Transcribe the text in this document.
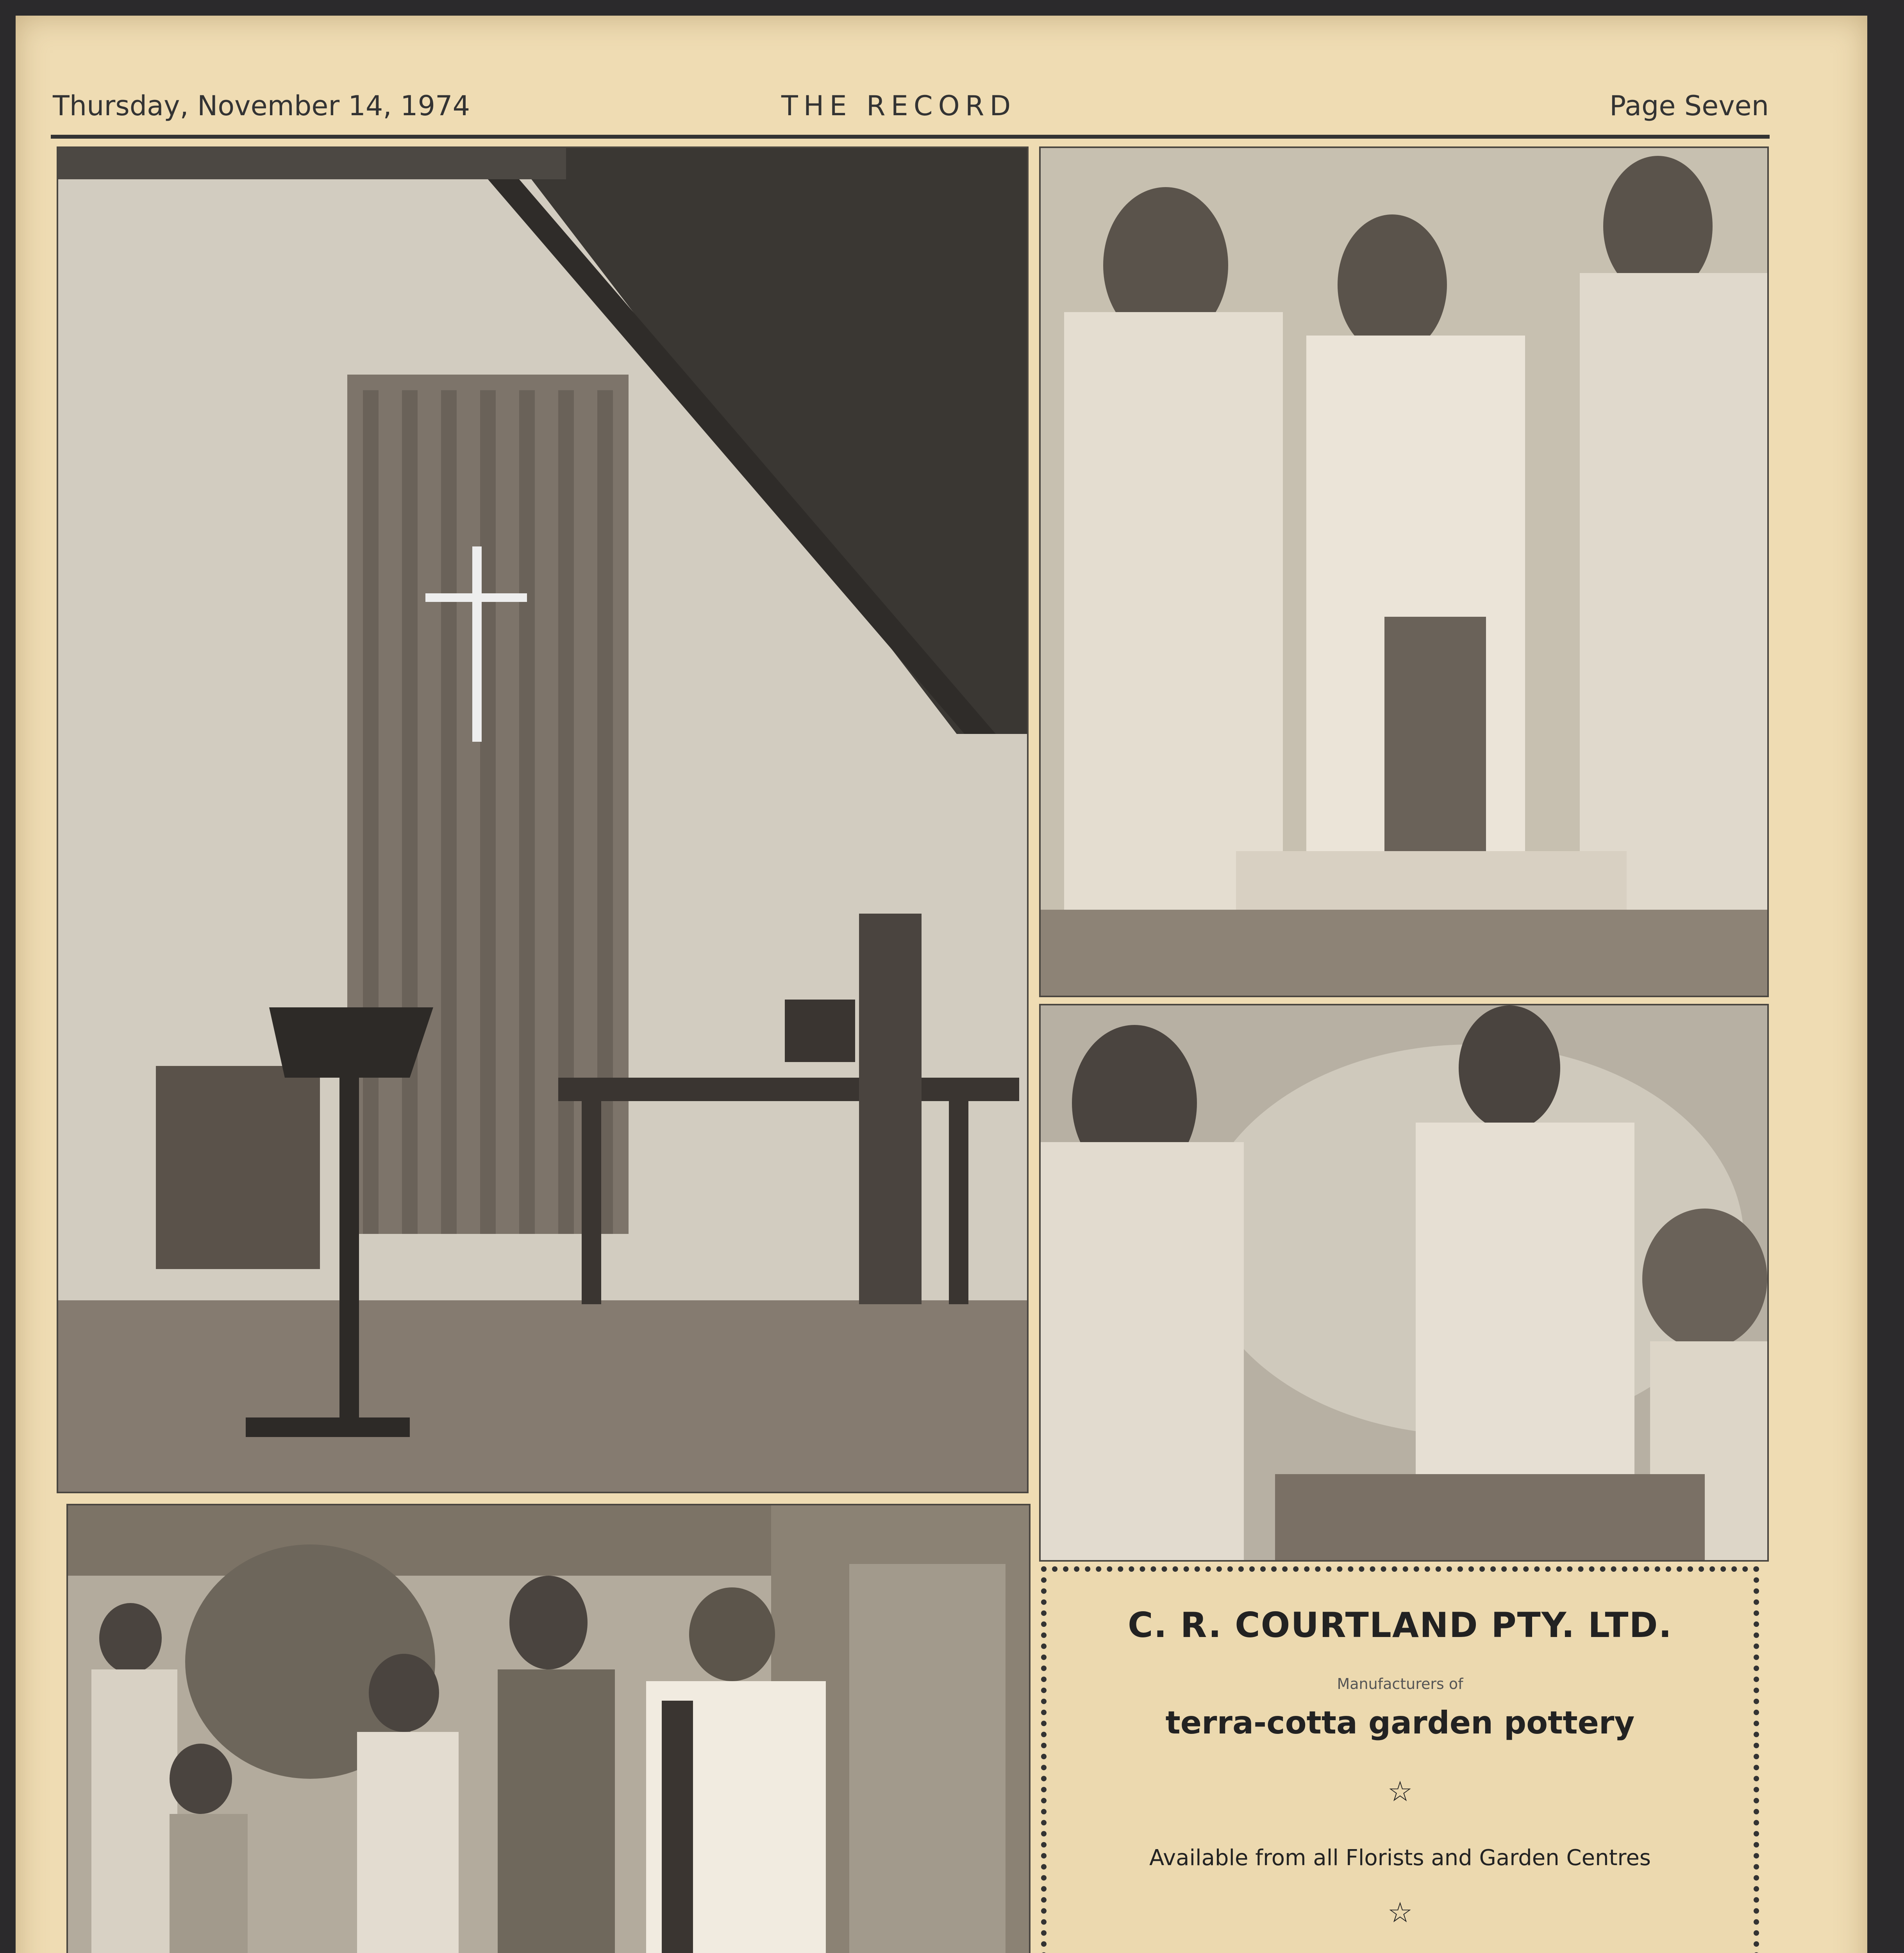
Thursday, November 14, 1974	THE RECORD	Page Seven
C. R. COURTLAND PTY. LTD.
Manufacturers of
terra-cotta garden pottery
☆
Available from all Florists and Garden Centres
☆
